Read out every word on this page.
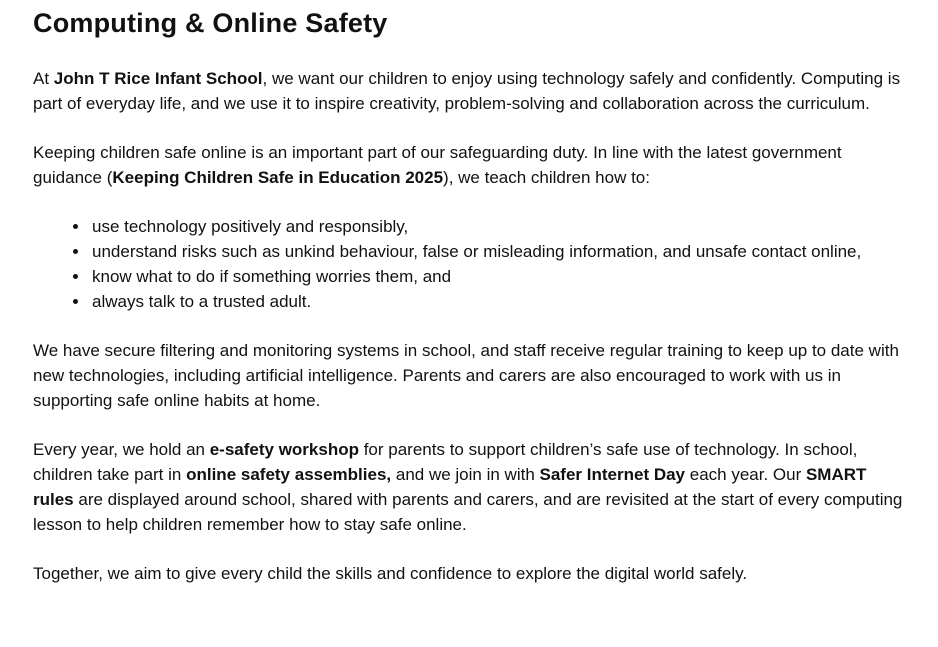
Computing & Online Safety

At John T Rice Infant School, we want our children to enjoy using technology safely and confidently. Computing is part of everyday life, and we use it to inspire creativity, problem-solving and collaboration across the curriculum.

Keeping children safe online is an important part of our safeguarding duty. In line with the latest government guidance (Keeping Children Safe in Education 2025), we teach children how to:

• use technology positively and responsibly,
• understand risks such as unkind behaviour, false or misleading information, and unsafe contact online,
• know what to do if something worries them, and
• always talk to a trusted adult.

We have secure filtering and monitoring systems in school, and staff receive regular training to keep up to date with new technologies, including artificial intelligence. Parents and carers are also encouraged to work with us in supporting safe online habits at home.

Every year, we hold an e-safety workshop for parents to support children’s safe use of technology. In school, children take part in online safety assemblies, and we join in with Safer Internet Day each year. Our SMART rules are displayed around school, shared with parents and carers, and are revisited at the start of every computing lesson to help children remember how to stay safe online.

Together, we aim to give every child the skills and confidence to explore the digital world safely.
